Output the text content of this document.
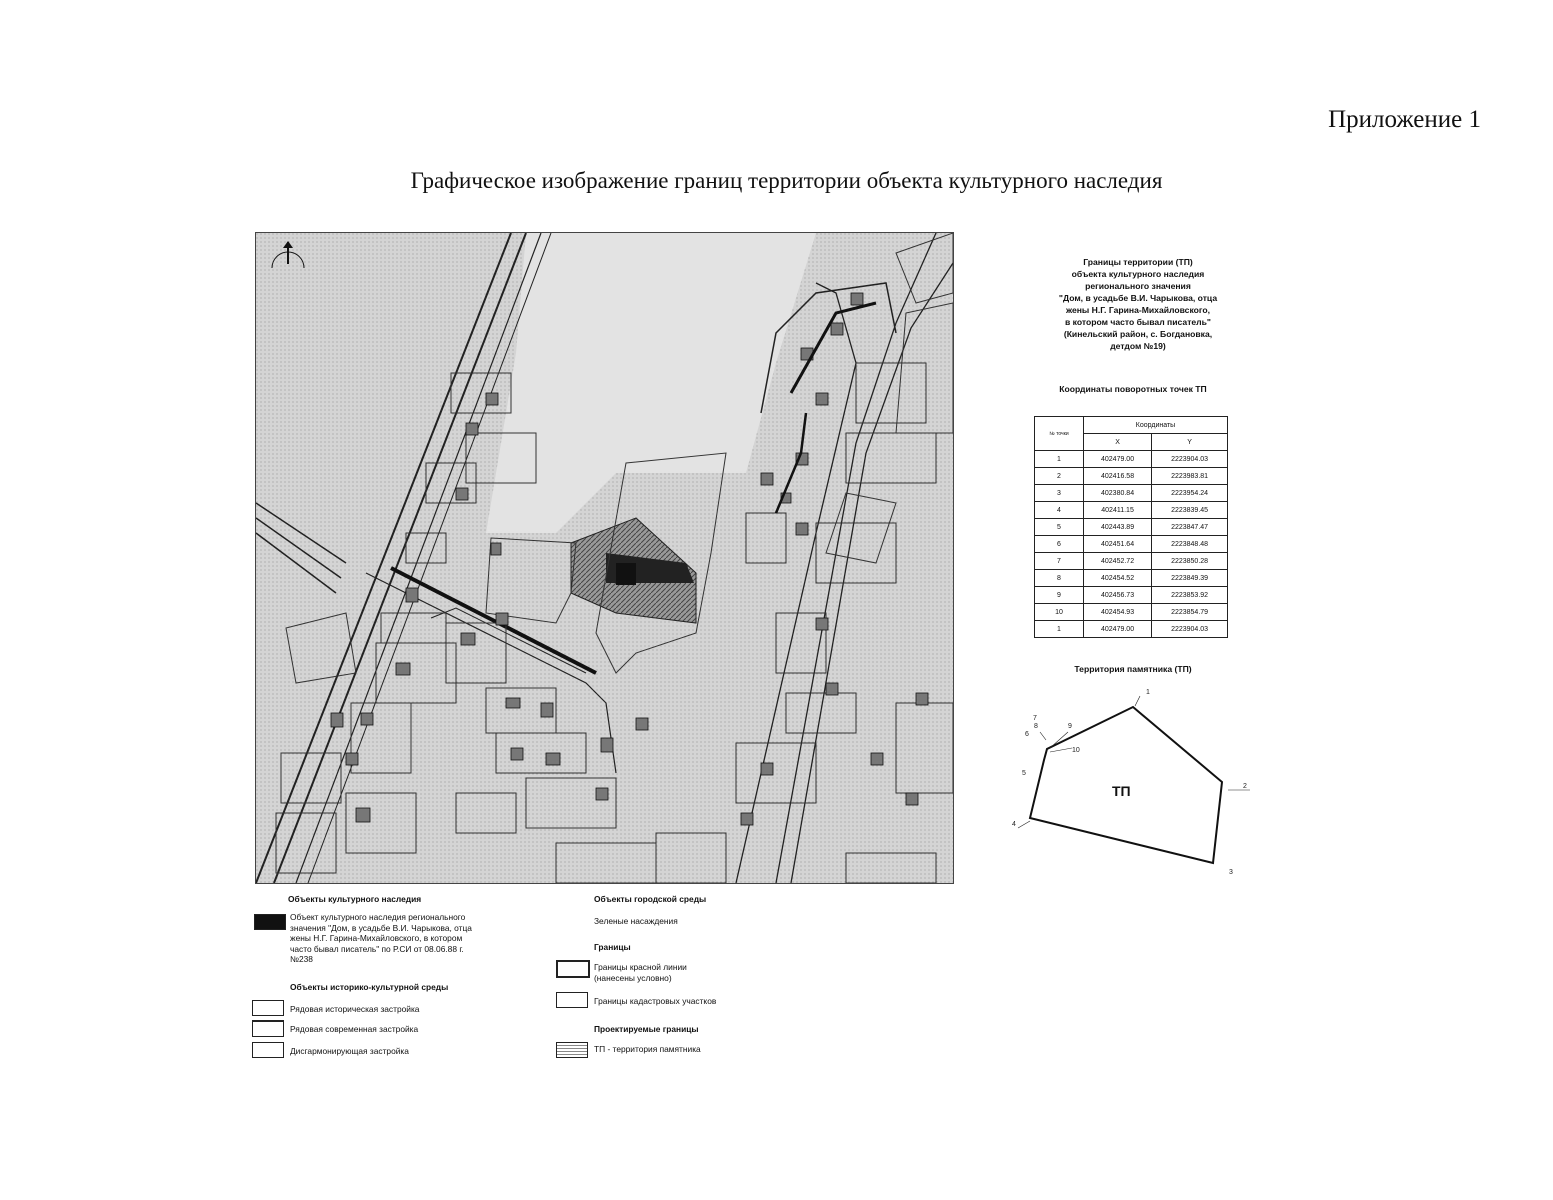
Приложение 1
Графическое изображение границ территории объекта культурного наследия
Границы территории (ТП)
объекта культурного наследия
регионального значения
"Дом, в усадьбе В.И. Чарыкова, отца
жены Н.Г. Гарина-Михайловского,
в котором часто бывал писатель"
(Кинельский район, с. Богдановка,
детдом №19)
Координаты поворотных точек ТП
№ точки	Координаты	
	X	Y
1	402479.00	2223904.03
2	402416.58	2223983.81
3	402380.84	2223954.24
4	402411.15	2223839.45
5	402443.89	2223847.47
6	402451.64	2223848.48
7	402452.72	2223850.28
8	402454.52	2223849.39
9	402456.73	2223853.92
10	402454.93	2223854.79
1	402479.00	2223904.03
Территория памятника (ТП)
1
2
3
4
5
6
7
8	9
10
ТП
Объекты культурного наследия
Объект культурного наследия регионального
значения "Дом, в усадьбе В.И. Чарыкова, отца
жены Н.Г. Гарина-Михайловского, в котором
часто бывал писатель" по Р.СИ от 08.06.88 г.
№238
Объекты историко-культурной среды
Рядовая историческая застройка
Рядовая современная застройка
Дисгармонирующая застройка
Объекты городской среды
Зеленые насаждения
Границы
Границы красной линии
(нанесены условно)
Границы кадастровых участков
Проектируемые границы
ТП - территория памятника
